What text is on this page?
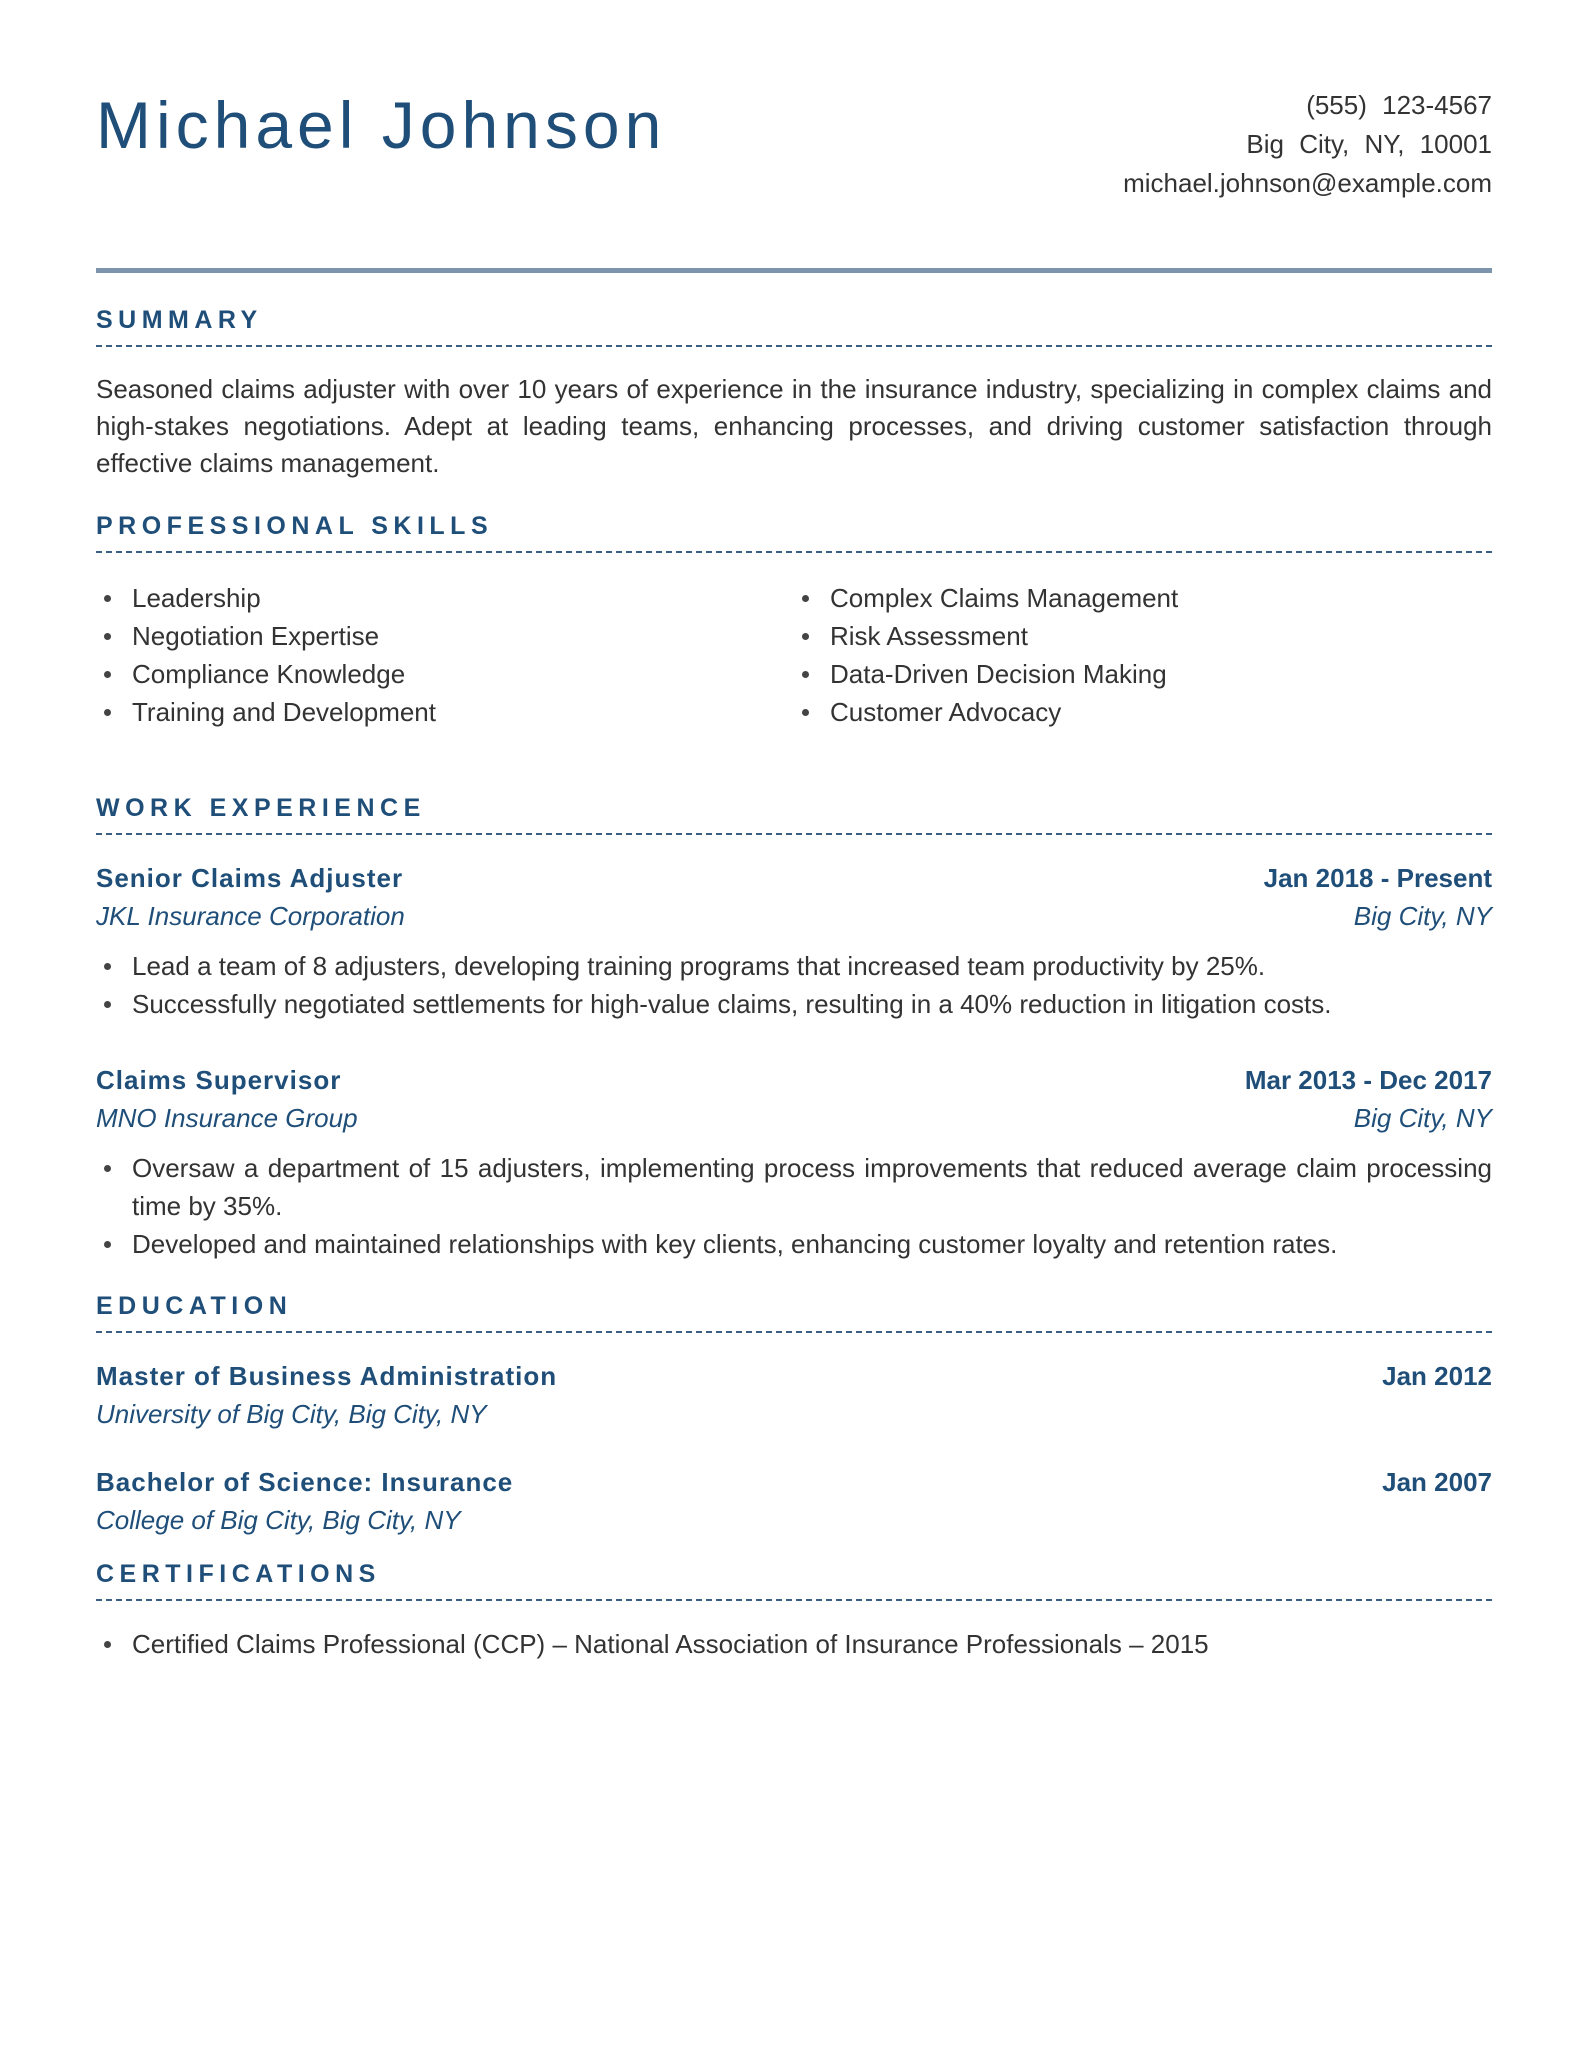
Michael Johnson	(555) 123-4567
Big City, NY, 10001
michael.johnson@example.com
SUMMARY

Seasoned claims adjuster with over 10 years of experience in the insurance industry, specializing in complex claims and high-stakes negotiations. Adept at leading teams, enhancing processes, and driving customer satisfaction through effective claims management.

PROFESSIONAL SKILLS
Leadership
Negotiation Expertise
Compliance Knowledge
Training and Development
Complex Claims Management
Risk Assessment
Data-Driven Decision Making
Customer Advocacy
WORK EXPERIENCE
Senior Claims Adjuster	Jan 2018 - Present
JKL Insurance Corporation	Big City, NY
Lead a team of 8 adjusters, developing training programs that increased team productivity by 25%.
Successfully negotiated settlements for high-value claims, resulting in a 40% reduction in litigation costs.
Claims Supervisor	Mar 2013 - Dec 2017
MNO Insurance Group	Big City, NY
Oversaw a department of 15 adjusters, implementing process improvements that reduced average claim processing time by 35%.
Developed and maintained relationships with key clients, enhancing customer loyalty and retention rates.
EDUCATION
Master of Business Administration	Jan 2012
University of Big City, Big City, NY
Bachelor of Science: Insurance	Jan 2007
College of Big City, Big City, NY
CERTIFICATIONS
Certified Claims Professional (CCP) – National Association of Insurance Professionals – 2015
